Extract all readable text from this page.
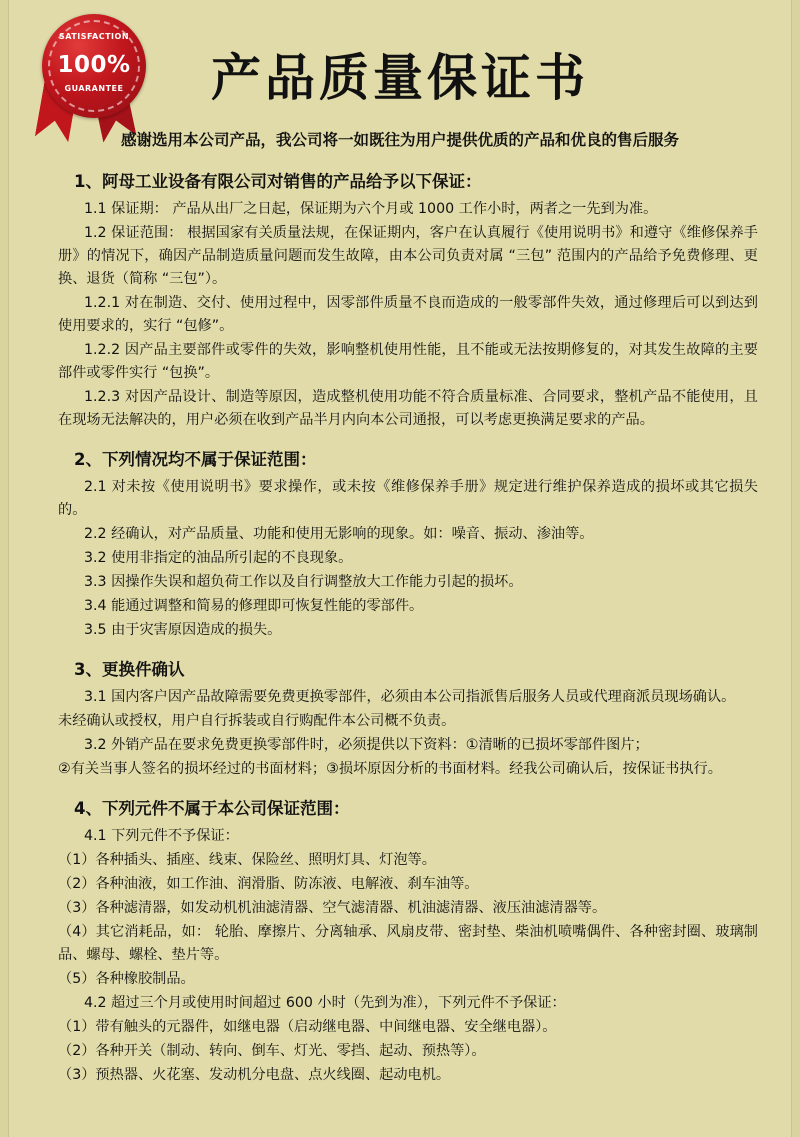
SATISFACTION
100%
GUARANTEE	产品质量保证书
感谢选用本公司产品，我公司将一如既往为用户提供优质的产品和优良的售后服务
1、阿母工业设备有限公司对销售的产品给予以下保证：

1.1 保证期： 产品从出厂之日起，保证期为六个月或 1000 工作小时，两者之一先到为准。

1.2 保证范围： 根据国家有关质量法规，在保证期内，客户在认真履行《使用说明书》和遵守《维修保养手册》的情况下，确因产品制造质量问题而发生故障，由本公司负责对属 “三包” 范围内的产品给予免费修理、更换、退货（简称 “三包”）。

1.2.1 对在制造、交付、使用过程中，因零部件质量不良而造成的一般零部件失效，通过修理后可以到达到使用要求的，实行 “包修”。

1.2.2 因产品主要部件或零件的失效，影响整机使用性能，且不能或无法按期修复的，对其发生故障的主要部件或零件实行 “包换”。

1.2.3 对因产品设计、制造等原因，造成整机使用功能不符合质量标准、合同要求，整机产品不能使用，且在现场无法解决的，用户必须在收到产品半月内向本公司通报，可以考虑更换满足要求的产品。

2、下列情况均不属于保证范围：

2.1 对未按《使用说明书》要求操作，或未按《维修保养手册》规定进行维护保养造成的损坏或其它损失的。

2.2 经确认，对产品质量、功能和使用无影响的现象。如：噪音、振动、渗油等。

3.2 使用非指定的油品所引起的不良现象。

3.3 因操作失误和超负荷工作以及自行调整放大工作能力引起的损坏。

3.4 能通过调整和简易的修理即可恢复性能的零部件。

3.5 由于灾害原因造成的损失。

3、更换件确认

3.1 国内客户因产品故障需要免费更换零部件，必须由本公司指派售后服务人员或代理商派员现场确认。

未经确认或授权，用户自行拆装或自行购配件本公司概不负责。

3.2 外销产品在要求免费更换零部件时，必须提供以下资料：①清晰的已损坏零部件图片；

②有关当事人签名的损坏经过的书面材料；③损坏原因分析的书面材料。经我公司确认后，按保证书执行。

4、下列元件不属于本公司保证范围：

4.1 下列元件不予保证：

（1）各种插头、插座、线束、保险丝、照明灯具、灯泡等。

（2）各种油液，如工作油、润滑脂、防冻液、电解液、刹车油等。

（3）各种滤清器，如发动机机油滤清器、空气滤清器、机油滤清器、液压油滤清器等。

（4）其它消耗品，如： 轮胎、摩擦片、分离轴承、风扇皮带、密封垫、柴油机喷嘴偶件、各种密封圈、玻璃制品、螺母、螺栓、垫片等。

（5）各种橡胶制品。

4.2 超过三个月或使用时间超过 600 小时（先到为准），下列元件不予保证：

（1）带有触头的元器件，如继电器（启动继电器、中间继电器、安全继电器）。

（2）各种开关（制动、转向、倒车、灯光、零挡、起动、预热等）。

（3）预热器、火花塞、发动机分电盘、点火线圈、起动电机。
